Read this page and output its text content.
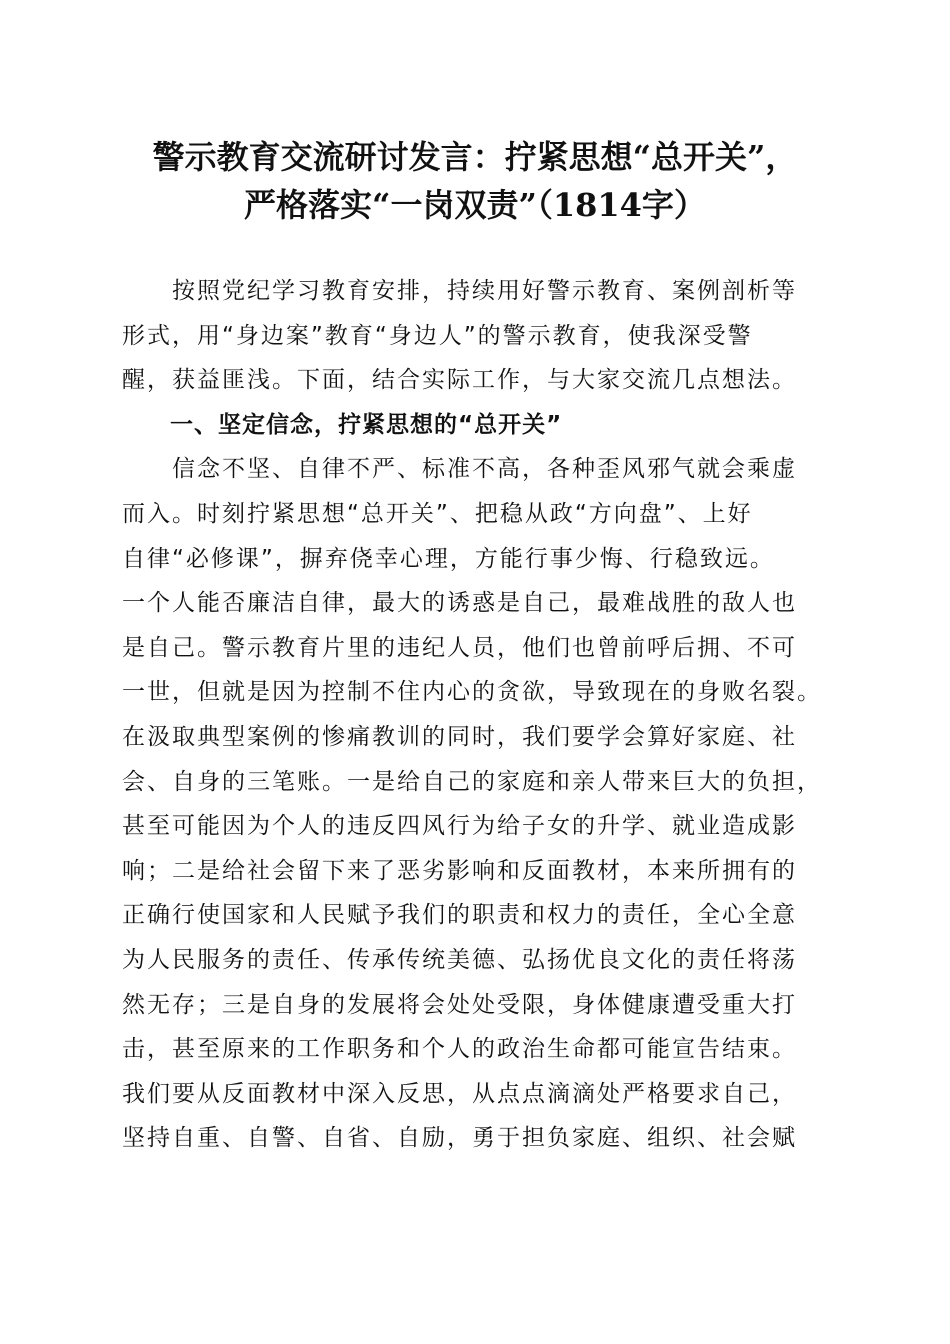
警示教育交流研讨发言：拧紧思想“总开关”，
严格落实“一岗双责”（1814字）
　　按照党纪学习教育安排，持续用好警示教育、案例剖析等
形式，用“身边案”教育“身边人”的警示教育，使我深受警
醒，获益匪浅。下面，结合实际工作，与大家交流几点想法。
　　一、坚定信念，拧紧思想的“总开关”
　　信念不坚、自律不严、标准不高，各种歪风邪气就会乘虚
而入。时刻拧紧思想“总开关”、把稳从政“方向盘”、上好
自律“必修课”，摒弃侥幸心理，方能行事少悔、行稳致远。
一个人能否廉洁自律，最大的诱惑是自己，最难战胜的敌人也
是自己。警示教育片里的违纪人员，他们也曾前呼后拥、不可
一世，但就是因为控制不住内心的贪欲，导致现在的身败名裂。
在汲取典型案例的惨痛教训的同时，我们要学会算好家庭、社
会、自身的三笔账。一是给自己的家庭和亲人带来巨大的负担，
甚至可能因为个人的违反四风行为给子女的升学、就业造成影
响；二是给社会留下来了恶劣影响和反面教材，本来所拥有的
正确行使国家和人民赋予我们的职责和权力的责任，全心全意
为人民服务的责任、传承传统美德、弘扬优良文化的责任将荡
然无存；三是自身的发展将会处处受限，身体健康遭受重大打
击，甚至原来的工作职务和个人的政治生命都可能宣告结束。
我们要从反面教材中深入反思，从点点滴滴处严格要求自己，
坚持自重、自警、自省、自励，勇于担负家庭、组织、社会赋
